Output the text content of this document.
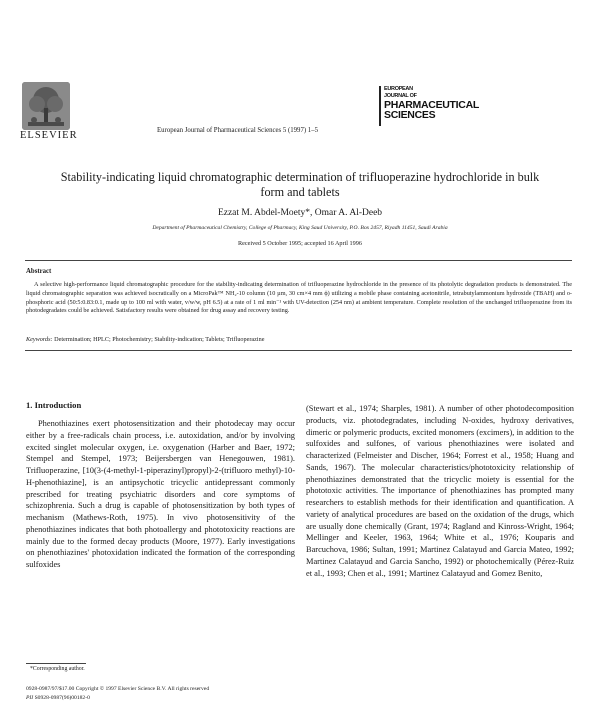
ELSEVIER	European Journal of Pharmaceutical Sciences 5 (1997) 1–5
EUROPEAN JOURNAL OF
PHARMACEUTICAL
SCIENCES
Stability-indicating liquid chromatographic determination of trifluoperazine hydrochloride in bulk form and tablets
Ezzat M. Abdel-Moety*, Omar A. Al-Deeb
Department of Pharmaceutical Chemistry, College of Pharmacy, King Saud University, P.O. Box 2457, Riyadh 11451, Saudi Arabia
Received 5 October 1995; accepted 16 April 1996
Abstract
A selective high-performance liquid chromatographic procedure for the stability-indicating determination of trifluoperazine hydrochloride in the presence of its photolytic degradation products is demonstrated. The liquid chromatographic separation was achieved isocratically on a MicroPak™ NH₂-10 column (10 µm, 30 cm×4 mm ϕ) utilizing a mobile phase containing acetonitrile, tetrabutylammonium hydroxide (TBAH) and o-phosphoric acid (50:5:0.83:0.1, made up to 100 ml with water, v/w/w, pH 6.5) at a rate of 1 ml min⁻¹ with UV-detection (254 nm) at ambient temperature. Complete resolution of the unchanged trifluoperazine from its photodegradates could be achieved. Satisfactory results were obtained for drug assay and recovery testing.
Keywords: Determination; HPLC; Photochemistry; Stability-indication; Tablets; Trifluoperazine
1. Introduction

Phenothiazines exert photosensitization and their photodecay may occur either by a free-radicals chain process, i.e. autoxidation, and/or by involving excited singlet molecular oxygen, i.e. oxygenation (Harber and Baer, 1972; Stempel and Stempel, 1973; Beijersbergen van Henegouwen, 1981). Trifluoperazine, [10(3-(4-methyl-1-piperazinyl)propyl)-2-(trifluoro methyl)-10-H-phenothiazine], is an antipsychotic tricyclic antidepressant commonly prescribed for treating psychiatric disorders and core symptoms of schizophrenia. Such a drug is capable of photosensitization by both types of mechanism (Mathews-Roth, 1975). In vivo photosensitivity of the phenothiazines indicates that both photoallergy and phototoxicity reactions are mainly due to the formed decay products (Moore, 1977). Early investigations on phenothiazines' photoxidation indicated the formation of the corresponding sulfoxides

(Stewart et al., 1974; Sharples, 1981). A number of other photodecomposition products, viz. photodegradates, including N-oxides, hydroxy derivatives, dimeric or polymeric products, excited monomers (excimers), in addition to the sulfoxides and sulfones, of various phenothiazines were isolated and characterized (Felmeister and Discher, 1964; Forrest et al., 1958; Huang and Sands, 1967). The molecular characteristics/phototoxicity relationship of phenothiazines demonstrated that the tricyclic moiety is essential for the phototoxic activities. The importance of phenothiazines has prompted many researchers to establish methods for their identification and quantification. A variety of analytical procedures are based on the oxidation of the drugs, which are usually done chemically (Grant, 1974; Ragland and Kinross-Wright, 1964; Mellinger and Keeler, 1963, 1964; White et al., 1976; Kouparis and Barcuchova, 1986; Sultan, 1991; Martinez Calatayud and Garcia Mateo, 1992; Martinez Calatayud and Garcia Sancho, 1992) or photochemically (Pérez-Ruiz et al., 1993; Chen et al., 1991; Martinez Calatayud and Gomez Benito,

*Corresponding author.
0928-0987/97/$17.00 Copyright © 1997 Elsevier Science B.V. All rights reserved
PII S0928-0987(96)00182-0
